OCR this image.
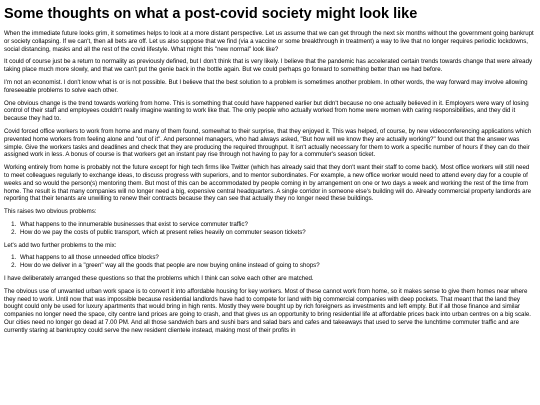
Some thoughts on what a post-covid society might look like

When the immediate future looks grim, it sometimes helps to look at a more distant perspective. Let us assume that we can get through the next six months without the government going bankrupt or society collapsing. If we can't, then all bets are off. Let us also suppose that we find (via a vaccine or some breakthrough in treatment) a way to live that no longer requires periodic lockdowns, social distancing, masks and all the rest of the covid lifestyle. What might this "new normal" look like?

It could of course just be a return to normality as previously defined, but I don't think that is very likely. I believe that the pandemic has accelerated certain trends towards change that were already taking place much more slowly, and that we can't put the genie back in the bottle again. But we could perhaps go forward to something better than we had before.

I'm not an economist. I don't know what is or is not possible. But I believe that the best solution to a problem is sometimes another problem. In other words, the way forward may involve allowing foreseeable problems to solve each other.

One obvious change is the trend towards working from home. This is something that could have happened earlier but didn't because no one actually believed in it. Employers were wary of losing control of their staff and employees couldn't really imagine wanting to work like that. The only people who actually worked from home were women with caring responsibilities, and they did it because they had to.

Covid forced office workers to work from home and many of them found, somewhat to their surprise, that they enjoyed it. This was helped, of course, by new videoconferencing applications which prevented home workers from feeling alone and "out of it". And personnel managers, who had always asked, "But how will we know they are actually working?" found out that the answer was simple. Give the workers tasks and deadlines and check that they are producing the required throughput. It isn't actually necessary for them to work a specific number of hours if they can do their assigned work in less. A bonus of course is that workers get an instant pay rise through not having to pay for a commuter's season ticket.

Working entirely from home is probably not the future except for high tech firms like Twitter (which has already said that they don't want their staff to come back). Most office workers will still need to meet colleagues regularly to exchange ideas, to discuss progress with superiors, and to mentor subordinates. For example, a new office worker would need to attend every day for a couple of weeks and so would the person(s) mentoring them. But most of this can be accommodated by people coming in by arrangement on one or two days a week and working the rest of the time from home. The result is that many companies will no longer need a big, expensive central headquarters. A single corridor in someone else's building will do. Already commercial property landlords are reporting that their tenants are unwilling to renew their contracts because they can see that actually they no longer need these buildings.

This raises two obvious problems:

1. What happens to the innumerable businesses that exist to service commuter traffic?
2. How do we pay the costs of public transport, which at present relies heavily on commuter season tickets?

Let's add two further problems to the mix:

1. What happens to all those unneeded office blocks?
2. How do we deliver in a "green" way all the goods that people are now buying online instead of going to shops?

I have deliberately arranged these questions so that the problems which I think can solve each other are matched.

The obvious use of unwanted urban work space is to convert it into affordable housing for key workers. Most of these cannot work from home, so it makes sense to give them homes near where they need to work. Until now that was impossible because residential landlords have had to compete for land with big commercial companies with deep pockets. That meant that the land they bought could only be used for luxury apartments that would bring in high rents. Mostly they were bought up by rich foreigners as investments and left empty. But if all those finance and similar companies no longer need the space, city centre land prices are going to crash, and that gives us an opportunity to bring residential life at affordable prices back into urban centres on a big scale. Our cities need no longer go dead at 7.00 PM. And all those sandwich bars and sushi bars and salad bars and cafes and takeaways that used to serve the lunchtime commuter traffic and are currently staring at bankruptcy could serve the new resident clientele instead, making most of their profits in
